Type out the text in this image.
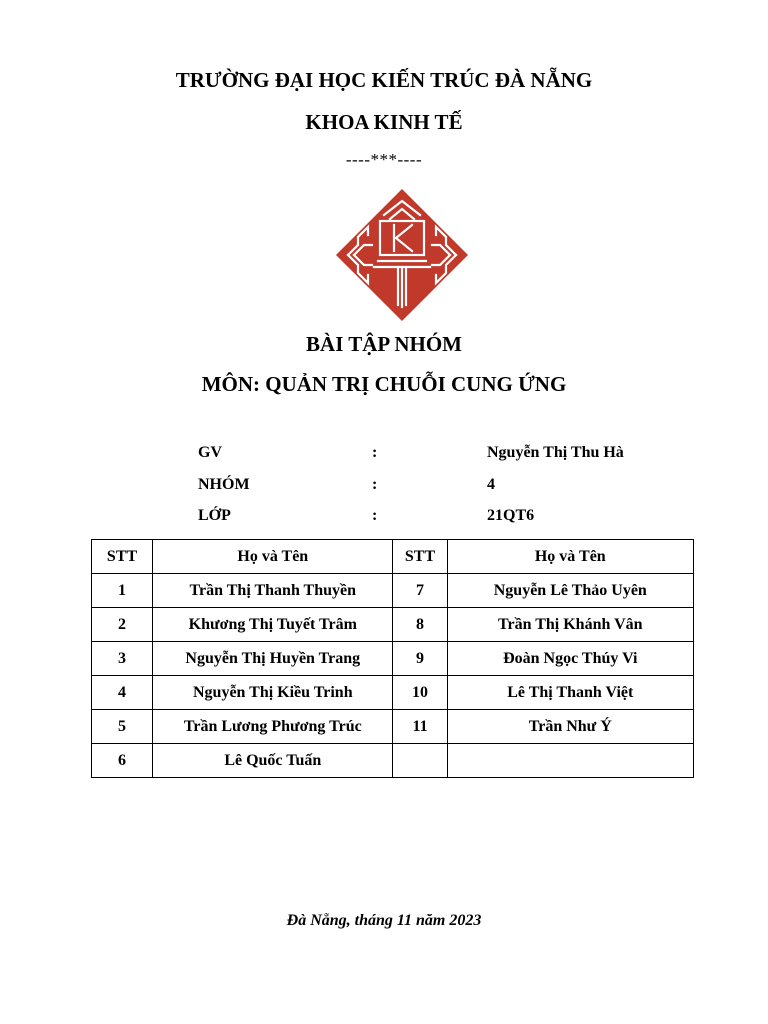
TRƯỜNG ĐẠI HỌC KIẾN TRÚC ĐÀ NẴNG
KHOA KINH TẾ
----***----
BÀI TẬP NHÓM
MÔN: QUẢN TRỊ CHUỖI CUNG ỨNG
GV	:	Nguyễn Thị Thu Hà
NHÓM	:	4
LỚP	:	21QT6
STT	Họ và Tên	STT	Họ và Tên
1	Trần Thị Thanh Thuyền	7	Nguyễn Lê Thảo Uyên
2	Khương Thị Tuyết Trâm	8	Trần Thị Khánh Vân
3	Nguyễn Thị Huyền Trang	9	Đoàn Ngọc Thúy Vi
4	Nguyễn Thị Kiều Trinh	10	Lê Thị Thanh Việt
5	Trần Lương Phương Trúc	11	Trần Như Ý
6	Lê Quốc Tuấn		
Đà Nẵng, tháng 11 năm 2023
